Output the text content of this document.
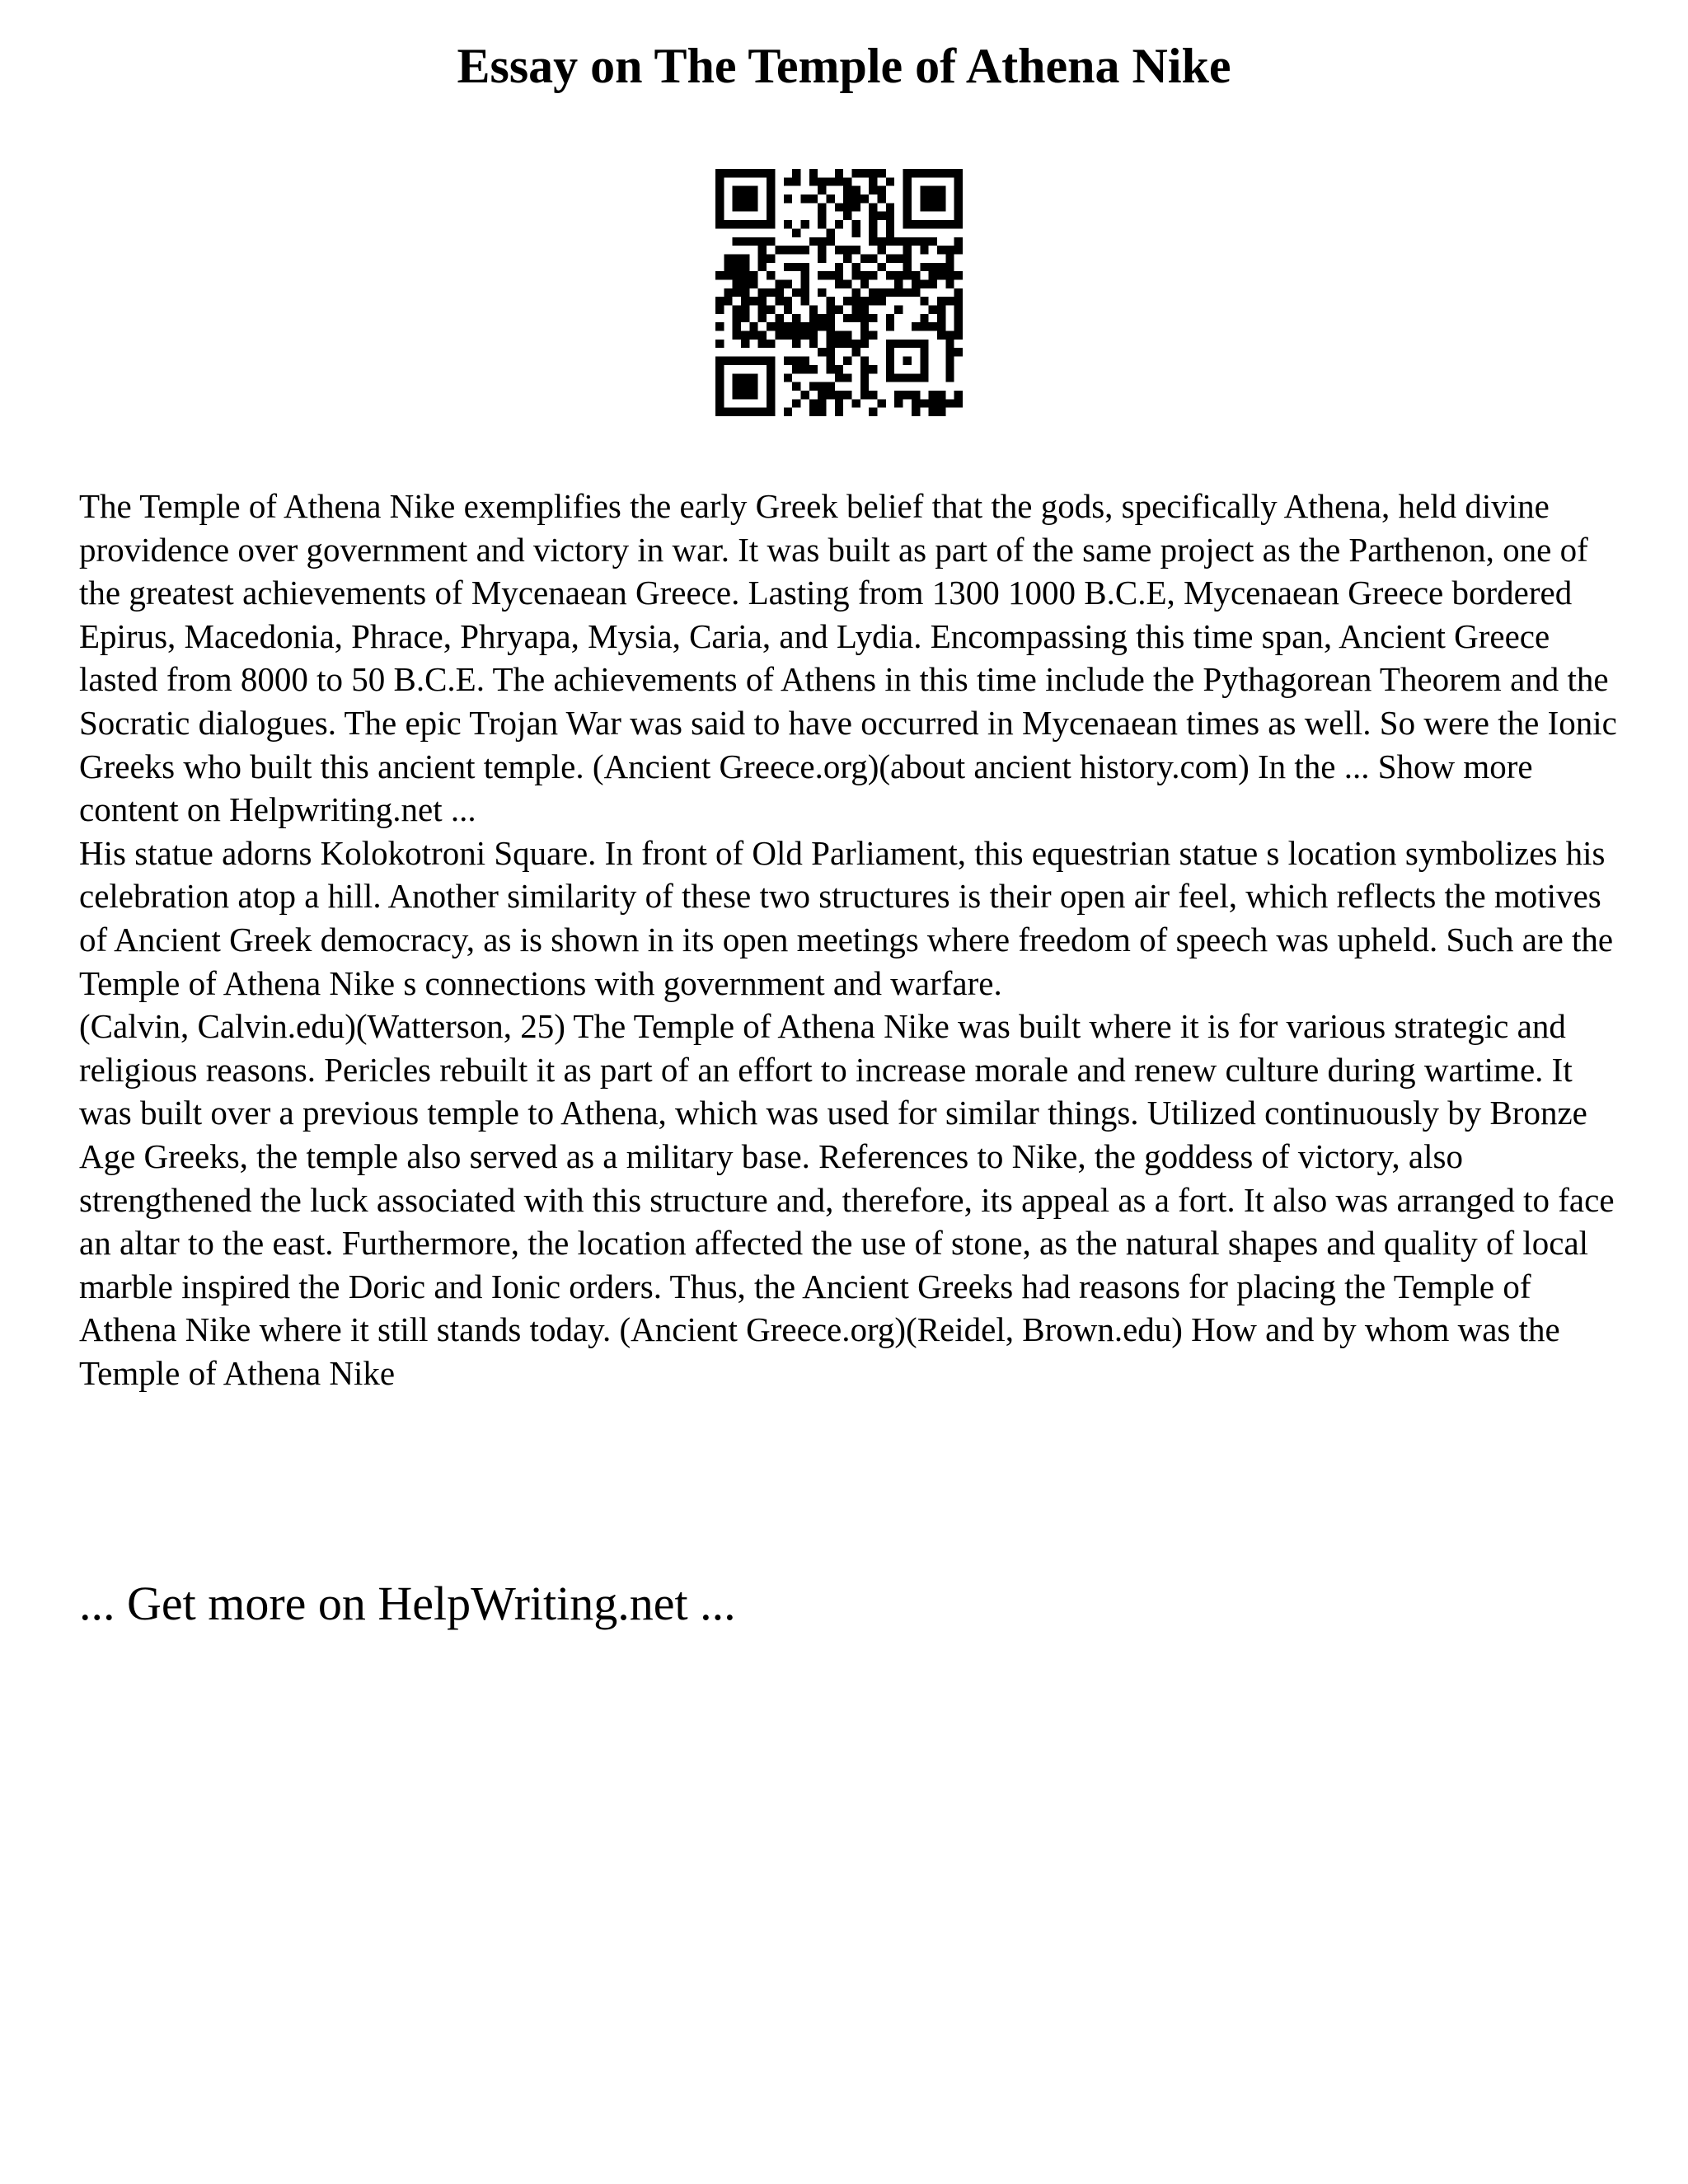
Essay on The Temple of Athena Nike

The Temple of Athena Nike exemplifies the early Greek belief that the gods, specifically Athena, held divine providence over government and victory in war. It was built as part of the same project as the Parthenon, one of the greatest achievements of Mycenaean Greece. Lasting from 1300 1000 B.C.E, Mycenaean Greece bordered Epirus, Macedonia, Phrace, Phryapa, Mysia, Caria, and Lydia. Encompassing this time span, Ancient Greece lasted from 8000 to 50 B.C.E. The achievements of Athens in this time include the Pythagorean Theorem and the Socratic dialogues. The epic Trojan War was said to have occurred in Mycenaean times as well. So were the Ionic Greeks who built this ancient temple. (Ancient Greece.org)(about ancient history.com) In the ... Show more content on Helpwriting.net ...

His statue adorns Kolokotroni Square. In front of Old Parliament, this equestrian statue s location symbolizes his celebration atop a hill. Another similarity of these two structures is their open air feel, which reflects the motives of Ancient Greek democracy, as is shown in its open meetings where freedom of speech was upheld. Such are the Temple of Athena Nike s connections with government and warfare.

(Calvin, Calvin.edu)(Watterson, 25) The Temple of Athena Nike was built where it is for various strategic and religious reasons. Pericles rebuilt it as part of an effort to increase morale and renew culture during wartime. It was built over a previous temple to Athena, which was used for similar things. Utilized continuously by Bronze Age Greeks, the temple also served as a military base. References to Nike, the goddess of victory, also strengthened the luck associated with this structure and, therefore, its appeal as a fort. It also was arranged to face an altar to the east. Furthermore, the location affected the use of stone, as the natural shapes and quality of local marble inspired the Doric and Ionic orders. Thus, the Ancient Greeks had reasons for placing the Temple of Athena Nike where it still stands today. (Ancient Greece.org)(Reidel, Brown.edu) How and by whom was the Temple of Athena Nike

... Get more on HelpWriting.net ...
